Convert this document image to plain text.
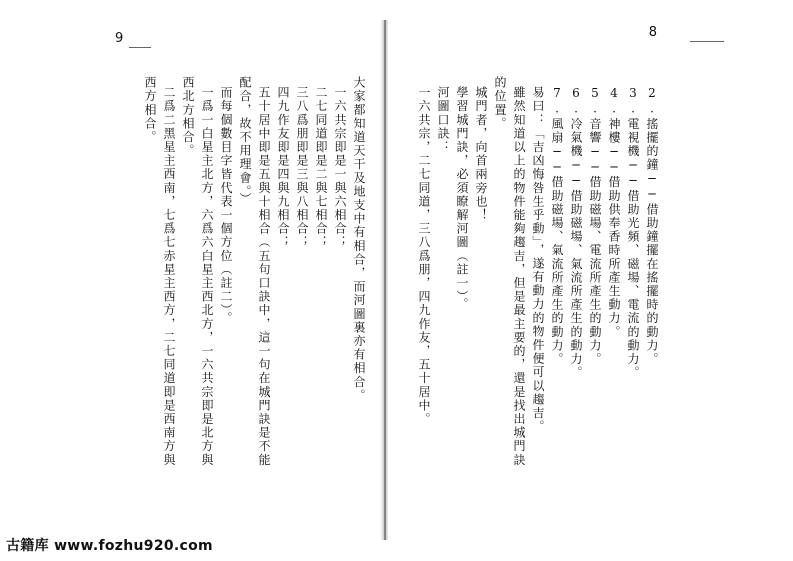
9
大家都知道天干及地支中有相合，而河圖裏亦有相合。
一六共宗即是一與六相合；
二七同道即是二與七相合；
三八爲朋即是三與八相合；
四九作友即是四與九相合；
五十居中即是五與十相合（五句口訣中，這一句在城門訣是不能
配合，故不用理會。）
而每個數目字皆代表一個方位（註二）。
一爲一白星主北方，六爲六白星主西北方，一六共宗即是北方與
西北方相合。
二爲二黑星主西南，七爲七赤星主西方，二七同道即是西南方與
西方相合。
8
2.搖擺的鐘──借助鐘擺在搖擺時的動力。
3.電視機──借助光頻、磁場、電流的動力。
4.神樓──借助供奉香時所產生動力。
5.音響──借助磁場、電流所產生的動力。
6.冷氣機──借助磁場、氣流所產生的動力。
7.風扇──借助磁場、氣流所產生的動力。
易曰：「吉凶悔咎生乎動」，遂有動力的物件便可以趨吉。
雖然知道以上的物件能夠趨吉，但是最主要的，還是找出城門訣
的位置。
城門者，向首兩旁也！
學習城門訣，必須瞭解河圖（註一）。
河圖口訣：
一六共宗，二七同道，三八爲朋，四九作友，五十居中。
古籍库 www.fozhu920.com
